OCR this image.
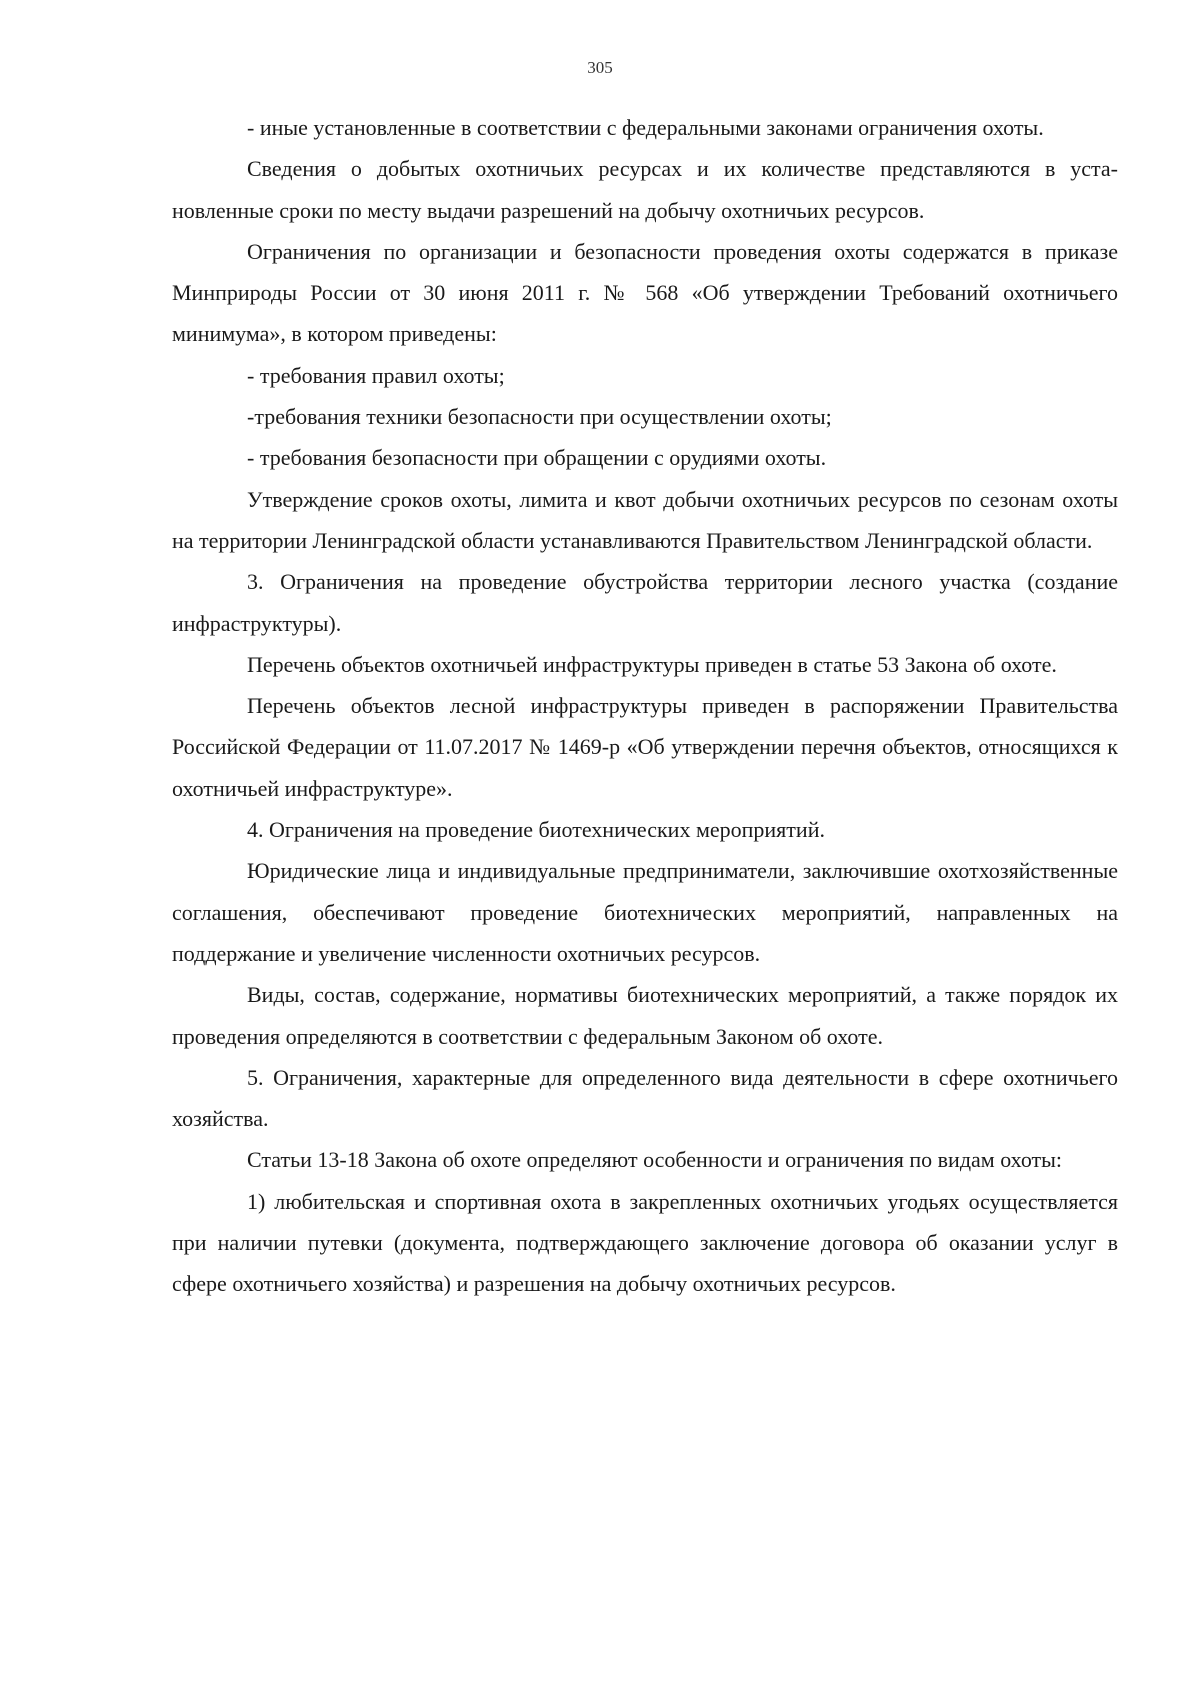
305

- иные установленные в соответствии с федеральными законами ограничения охоты.

Сведения о добытых охотничьих ресурсах и их количестве представляются в установленные сроки по месту выдачи разрешений на добычу охотничьих ресурсов.

Ограничения по организации и безопасности проведения охоты содержатся в приказе Минприроды России от 30 июня 2011 г. № 568 «Об утверждении Требований охотничьего минимума», в котором приведены:

- требования правил охоты;

-требования техники безопасности при осуществлении охоты;

- требования безопасности при обращении с орудиями охоты.

Утверждение сроков охоты, лимита и квот добычи охотничьих ресурсов по сезонам охоты на территории Ленинградской области устанавливаются Правительством Ленинградской области.

3. Ограничения на проведение обустройства территории лесного участка (создание инфраструктуры).

Перечень объектов охотничьей инфраструктуры приведен в статье 53 Закона об охоте.

Перечень объектов лесной инфраструктуры приведен в распоряжении Правительства Российской Федерации от 11.07.2017 № 1469-р «Об утверждении перечня объектов, относящихся к охотничьей инфраструктуре».

4. Ограничения на проведение биотехнических мероприятий.

Юридические лица и индивидуальные предприниматели, заключившие охотхозяйственные соглашения, обеспечивают проведение биотехнических мероприятий, направленных на поддержание и увеличение численности охотничьих ресурсов.

Виды, состав, содержание, нормативы биотехнических мероприятий, а также порядок их проведения определяются в соответствии с федеральным Законом об охоте.

5. Ограничения, характерные для определенного вида деятельности в сфере охотничьего хозяйства.

Статьи 13-18 Закона об охоте определяют особенности и ограничения по видам охоты:

1) любительская и спортивная охота в закрепленных охотничьих угодьях осуществляется при наличии путевки (документа, подтверждающего заключение договора об оказании услуг в сфере охотничьего хозяйства) и разрешения на добычу охотничьих ресурсов.
